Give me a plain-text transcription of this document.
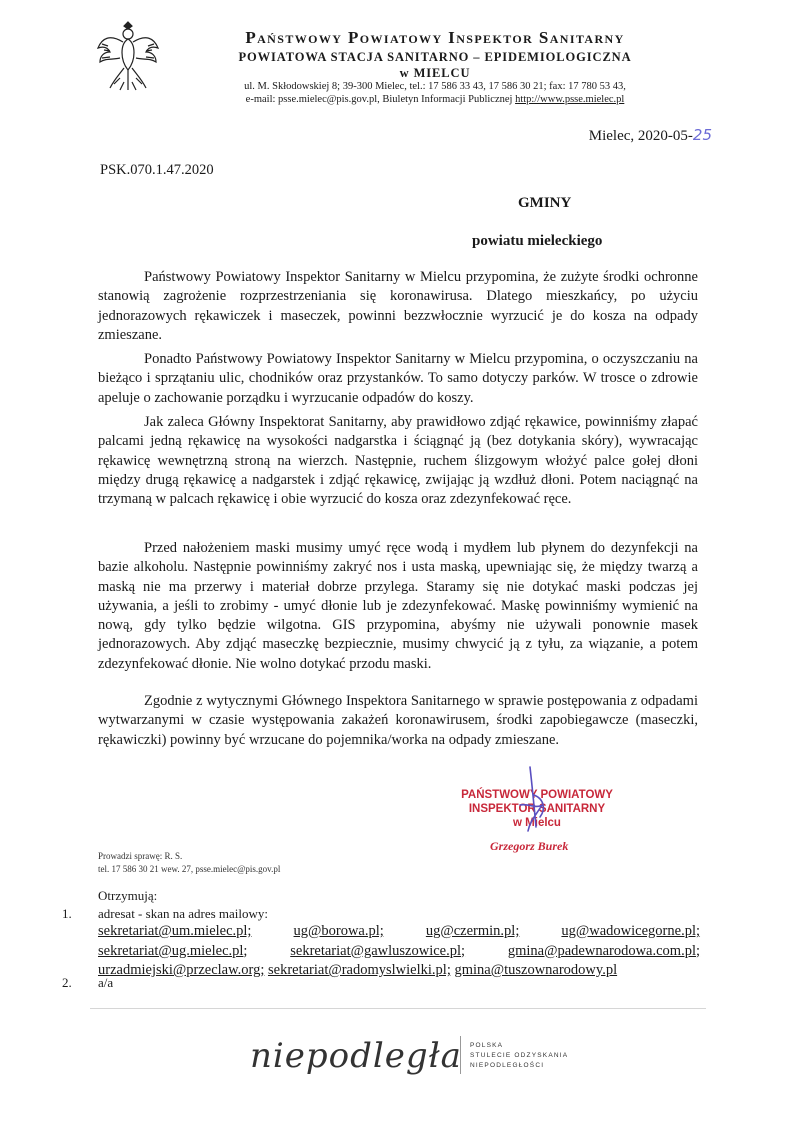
Państwowy Powiatowy Inspektor Sanitarny
POWIATOWA STACJA SANITARNO – EPIDEMIOLOGICZNA
w MIELCU
ul. M. Skłodowskiej 8; 39-300 Mielec, tel.: 17 586 33 43, 17 586 30 21; fax: 17 780 53 43,
e-mail: psse.mielec@pis.gov.pl, Biuletyn Informacji Publicznej http://www.psse.mielec.pl
Mielec, 2020-05-25
PSK.070.1.47.2020
GMINY
powiatu mieleckiego

Państwowy Powiatowy Inspektor Sanitarny w Mielcu przypomina, że zużyte środki ochronne stanowią zagrożenie rozprzestrzeniania się koronawirusa. Dlatego mieszkańcy, po użyciu jednorazowych rękawiczek i maseczek, powinni bezzwłocznie wyrzucić je do kosza na odpady zmieszane.

Ponadto Państwowy Powiatowy Inspektor Sanitarny w Mielcu przypomina, o oczyszczaniu na bieżąco i sprzątaniu ulic, chodników oraz przystanków. To samo dotyczy parków. W trosce o zdrowie apeluje o zachowanie porządku i wyrzucanie odpadów do koszy.

Jak zaleca Główny Inspektorat Sanitarny, aby prawidłowo zdjąć rękawice, powinniśmy złapać palcami jedną rękawicę na wysokości nadgarstka i ściągnąć ją (bez dotykania skóry), wywracając rękawicę wewnętrzną stroną na wierzch. Następnie, ruchem ślizgowym włożyć palce gołej dłoni między drugą rękawicę a nadgarstek i zdjąć rękawicę, zwijając ją wzdłuż dłoni. Potem naciągnąć na trzymaną w palcach rękawicę i obie wyrzucić do kosza oraz zdezynfekować ręce.

Przed nałożeniem maski musimy umyć ręce wodą i mydłem lub płynem do dezynfekcji na bazie alkoholu. Następnie powinniśmy zakryć nos i usta maską, upewniając się, że między twarzą a maską nie ma przerwy i materiał dobrze przylega. Staramy się nie dotykać maski podczas jej używania, a jeśli to zrobimy - umyć dłonie lub je zdezynfekować. Maskę powinniśmy wymienić na nową, gdy tylko będzie wilgotna. GIS przypomina, abyśmy nie używali ponownie masek jednorazowych. Aby zdjąć maseczkę bezpiecznie, musimy chwycić ją z tyłu, za wiązanie, a potem zdezynfekować dłonie. Nie wolno dotykać przodu maski.

Zgodnie z wytycznymi Głównego Inspektora Sanitarnego w sprawie postępowania z odpadami wytwarzanymi w czasie występowania zakażeń koronawirusem, środki zapobiegawcze (maseczki, rękawiczki) powinny być wrzucane do pojemnika/worka na odpady zmieszane.

PAŃSTWOWY POWIATOWY
INSPEKTOR SANITARNY
w Mielcu
Grzegorz Burek
Prowadzi sprawę: R. S.
tel. 17 586 30 21 wew. 27, psse.mielec@pis.gov.pl
Otrzymują:
1. adresat - skan na adres mailowy:

sekretariat@um.mielec.pl;	ug@borowa.pl;	ug@czermin.pl;	ug@wadowicegorne.pl; sekretariat@ug.mielec.pl;	sekretariat@gawluszowice.pl;	gmina@padewnarodowa.com.pl; urzadmiejski@przeclaw.org; sekretariat@radomyslwielki.pl; gmina@tuszownarodowy.pl

2. a/a
niepodległa POLSKA
STULECIE ODZYSKANIA
NIEPODLEGŁOŚCI
